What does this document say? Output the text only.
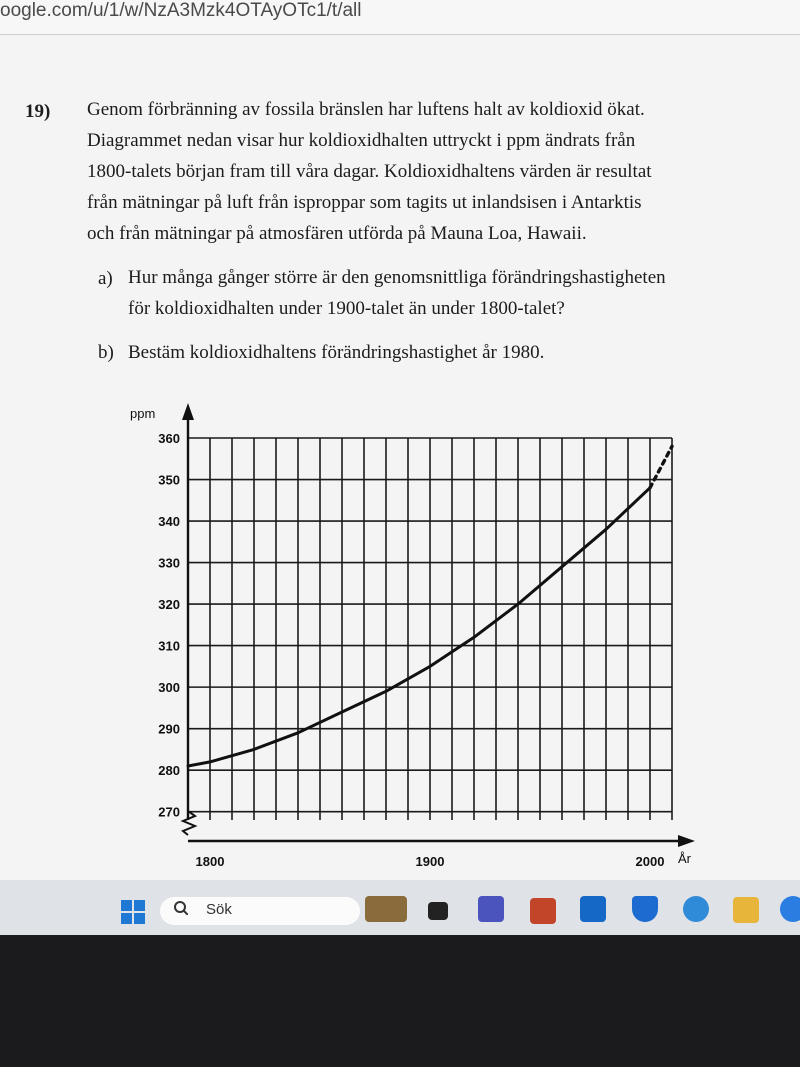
oogle.com/u/1/w/NzA3Mzk4OTAyOTc1/t/all
19) Genom förbränning av fossila bränslen har luftens halt av koldioxid ökat.
Diagrammet nedan visar hur koldioxidhalten uttryckt i ppm ändrats från
1800-talets början fram till våra dagar. Koldioxidhaltens värden är resultat
från mätningar på luft från isproppar som tagits ut inlandsisen i Antarktis
och från mätningar på atmosfären utförda på Mauna Loa, Hawaii.

a) Hur många gånger större är den genomsnittliga förändringshastigheten
för koldioxidhalten under 1900-talet än under 1800-talet?

b) Bestäm koldioxidhaltens förändringshastighet år 1980.

ppm
År
270
280
290
300
310
320
330
340
350
360
1800	1900	2000
Sök
